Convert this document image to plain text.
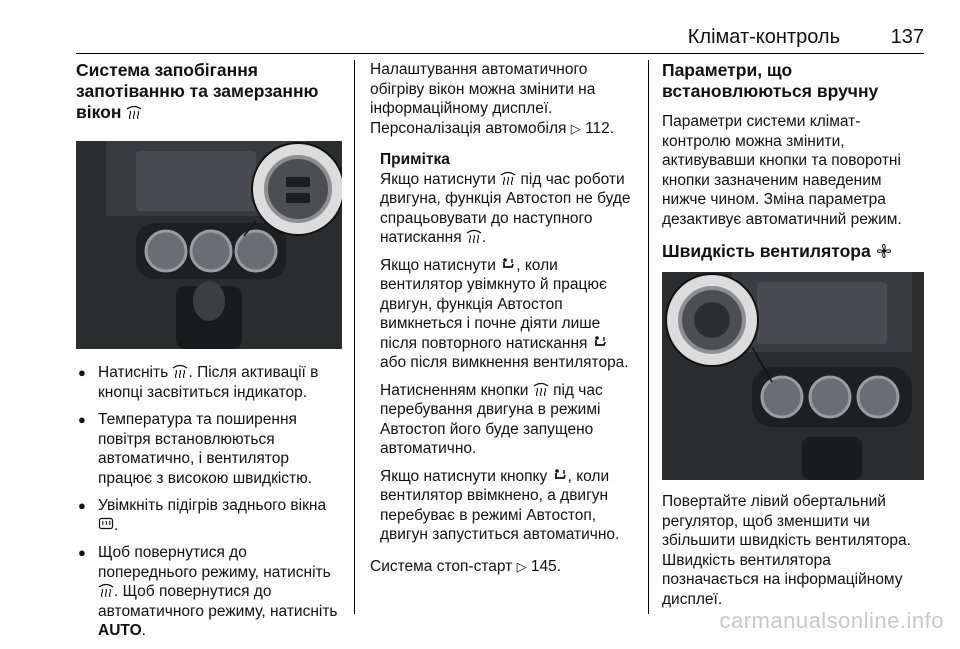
Клімат-контроль	137
Система запобігання запотіванню та замерзанню вікон
● Натисніть . Після активації в кнопці засвітиться індикатор.
● Температура та поширення повітря встановлюються автоматично, і вентилятор працює з високою швидкістю.
● Увімкніть підігрів заднього вікна .
● Щоб повернутися до попереднього режиму, натисніть . Щоб повернутися до автоматичного режиму, натисніть AUTO.

Налаштування автоматичного обігріву вікон можна змінити на інформаційному дисплеї.

Персоналізація автомобіля ▷ 112.

Примітка

Якщо натиснути під час роботи двигуна, функція Автостоп не буде спрацьовувати до наступного натискання .

Якщо натиснути , коли вентилятор увімкнуто й працює двигун, функція Автостоп вимкнеться і почне діяти лише після повторного натискання  або після вимкнення вентилятора.

Натисненням кнопки під час перебування двигуна в режимі Автостоп його буде запущено автоматично.

Якщо натиснути кнопку , коли вентилятор ввімкнено, а двигун перебуває в режимі Автостоп, двигун запуститься автоматично.

Система стоп-старт ▷ 145.

Параметри, що встановлюються вручну

Параметри системи клімат-контролю можна змінити, активувавши кнопки та поворотні кнопки зазначеним наведеним нижче чином. Зміна параметра дезактивує автоматичний режим.

Швидкість вентилятора

Повертайте лівий обертальний регулятор, щоб зменшити чи збільшити швидкість вентилятора. Швидкість вентилятора позначається на інформаційному дисплеї.

carmanualsonline.info
